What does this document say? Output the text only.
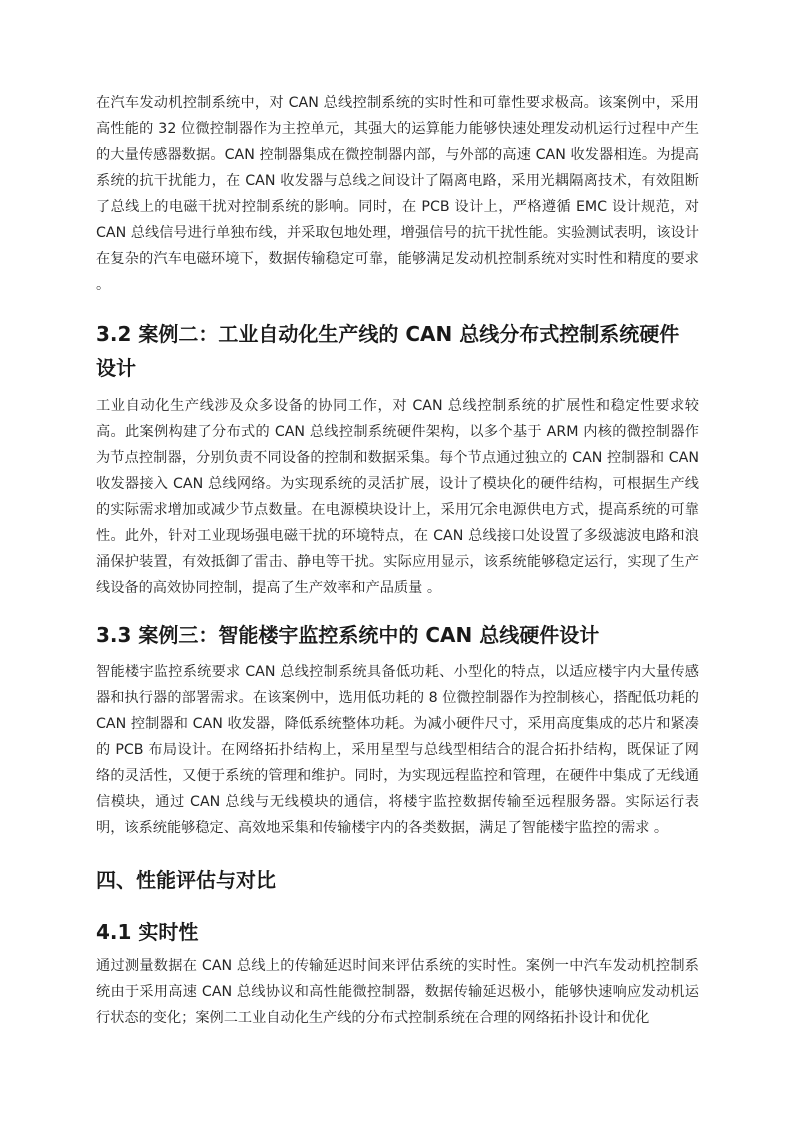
在汽车发动机控制系统中，对 CAN 总线控制系统的实时性和可靠性要求极高。该案例中，采用高性能的 32 位微控制器作为主控单元，其强大的运算能力能够快速处理发动机运行过程中产生的大量传感器数据。CAN 控制器集成在微控制器内部，与外部的高速 CAN 收发器相连。为提高系统的抗干扰能力，在 CAN 收发器与总线之间设计了隔离电路，采用光耦隔离技术，有效阻断了总线上的电磁干扰对控制系统的影响。同时，在 PCB 设计上，严格遵循 EMC 设计规范，对 CAN 总线信号进行单独布线，并采取包地处理，增强信号的抗干扰性能。实验测试表明，该设计在复杂的汽车电磁环境下，数据传输稳定可靠，能够满足发动机控制系统对实时性和精度的要求 。

3.2 案例二：工业自动化生产线的 CAN 总线分布式控制系统硬件设计

工业自动化生产线涉及众多设备的协同工作，对 CAN 总线控制系统的扩展性和稳定性要求较高。此案例构建了分布式的 CAN 总线控制系统硬件架构，以多个基于 ARM 内核的微控制器作为节点控制器，分别负责不同设备的控制和数据采集。每个节点通过独立的 CAN 控制器和 CAN 收发器接入 CAN 总线网络。为实现系统的灵活扩展，设计了模块化的硬件结构，可根据生产线的实际需求增加或减少节点数量。在电源模块设计上，采用冗余电源供电方式，提高系统的可靠性。此外，针对工业现场强电磁干扰的环境特点，在 CAN 总线接口处设置了多级滤波电路和浪涌保护装置，有效抵御了雷击、静电等干扰。实际应用显示，该系统能够稳定运行，实现了生产线设备的高效协同控制，提高了生产效率和产品质量 。

3.3 案例三：智能楼宇监控系统中的 CAN 总线硬件设计

智能楼宇监控系统要求 CAN 总线控制系统具备低功耗、小型化的特点，以适应楼宇内大量传感器和执行器的部署需求。在该案例中，选用低功耗的 8 位微控制器作为控制核心，搭配低功耗的 CAN 控制器和 CAN 收发器，降低系统整体功耗。为减小硬件尺寸，采用高度集成的芯片和紧凑的 PCB 布局设计。在网络拓扑结构上，采用星型与总线型相结合的混合拓扑结构，既保证了网络的灵活性，又便于系统的管理和维护。同时，为实现远程监控和管理，在硬件中集成了无线通信模块，通过 CAN 总线与无线模块的通信，将楼宇监控数据传输至远程服务器。实际运行表明，该系统能够稳定、高效地采集和传输楼宇内的各类数据，满足了智能楼宇监控的需求 。

四、性能评估与对比
4.1 实时性

通过测量数据在 CAN 总线上的传输延迟时间来评估系统的实时性。案例一中汽车发动机控制系统由于采用高速 CAN 总线协议和高性能微控制器，数据传输延迟极小，能够快速响应发动机运行状态的变化；案例二工业自动化生产线的分布式控制系统在合理的网络拓扑设计和优化
